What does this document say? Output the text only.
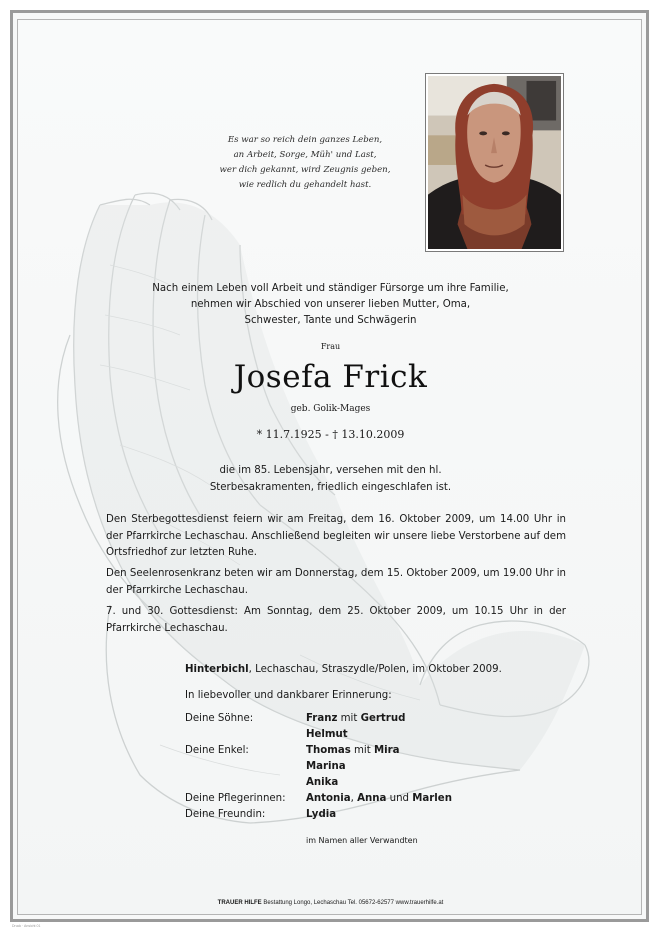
Es war so reich dein ganzes Leben,
an Arbeit, Sorge, Müh' und Last,
wer dich gekannt, wird Zeugnis geben,
wie redlich du gehandelt hast.
Nach einem Leben voll Arbeit und ständiger Fürsorge um ihre Familie,
nehmen wir Abschied von unserer lieben Mutter, Oma,
Schwester, Tante und Schwägerin
Frau
Josefa Frick
geb. Golik-Mages
* 11.7.1925 - † 13.10.2009
die im 85. Lebensjahr, versehen mit den hl.
Sterbesakramenten, friedlich eingeschlafen ist.
Den Sterbegottesdienst feiern wir am Freitag, dem 16. Oktober 2009, um 14.00 Uhr in der Pfarrkirche Lechaschau. Anschließend begleiten wir unsere liebe Verstorbene auf dem Ortsfriedhof zur letzten Ruhe.
Den Seelenrosenkranz beten wir am Donnerstag, dem 15. Oktober 2009, um 19.00 Uhr in der Pfarrkirche Lechaschau.
7. und 30. Gottesdienst: Am Sonntag, dem 25. Oktober 2009, um 10.15 Uhr in der Pfarrkirche Lechaschau.
Hinterbichl, Lechaschau, Straszydle/Polen, im Oktober 2009.
In liebevoller und dankbarer Erinnerung:
Deine Söhne:	Franz mit Gertrud
Helmut
Deine Enkel:	Thomas mit Mira
Marina
Anika
Deine Pflegerinnen: Antonia, Anna und Marlen
Deine Freundin:	Lydia
im Namen aller Verwandten
TRAUER HILFE Bestattung Longo, Lechaschau Tel. 05672-62577 www.trauerhilfe.at
Druck · Ansicht 01
